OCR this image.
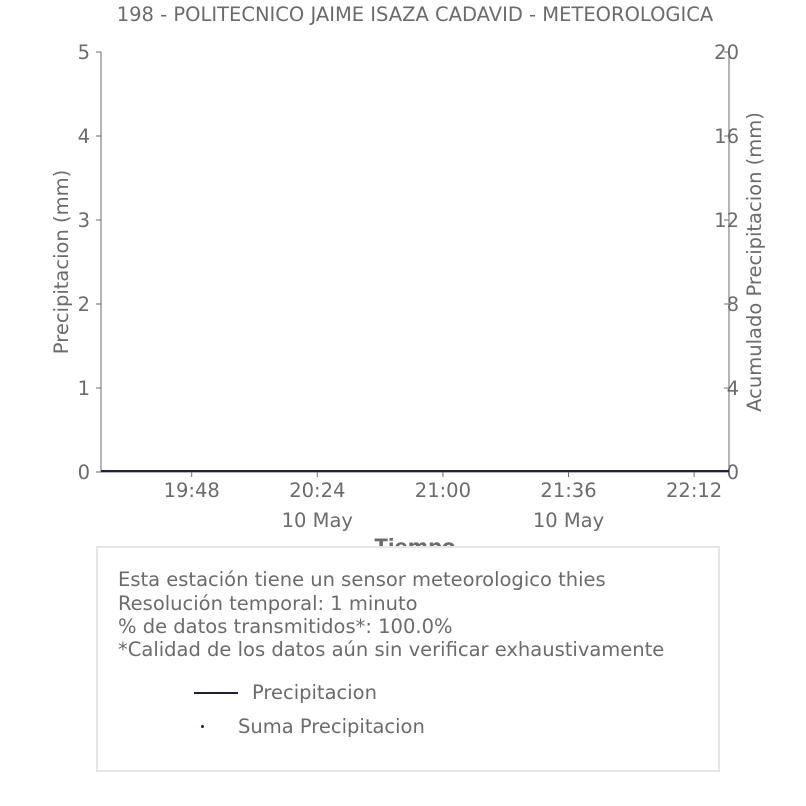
198 - POLITECNICO JAIME ISAZA CADAVID - METEOROLOGICA
0
1
2
3
4
5
0
4
8
12
16
20
19:48	20:24
10 May
21:00	21:36
10 May
22:12
Precipitacion (mm)	Acumulado Precipitacion (mm)
Esta estación tiene un sensor meteorologico thies
Resolución temporal: 1 minuto
% de datos transmitidos*: 100.0%
*Calidad de los datos aún sin verificar exhaustivamente
Precipitacion
Suma Precipitacion
